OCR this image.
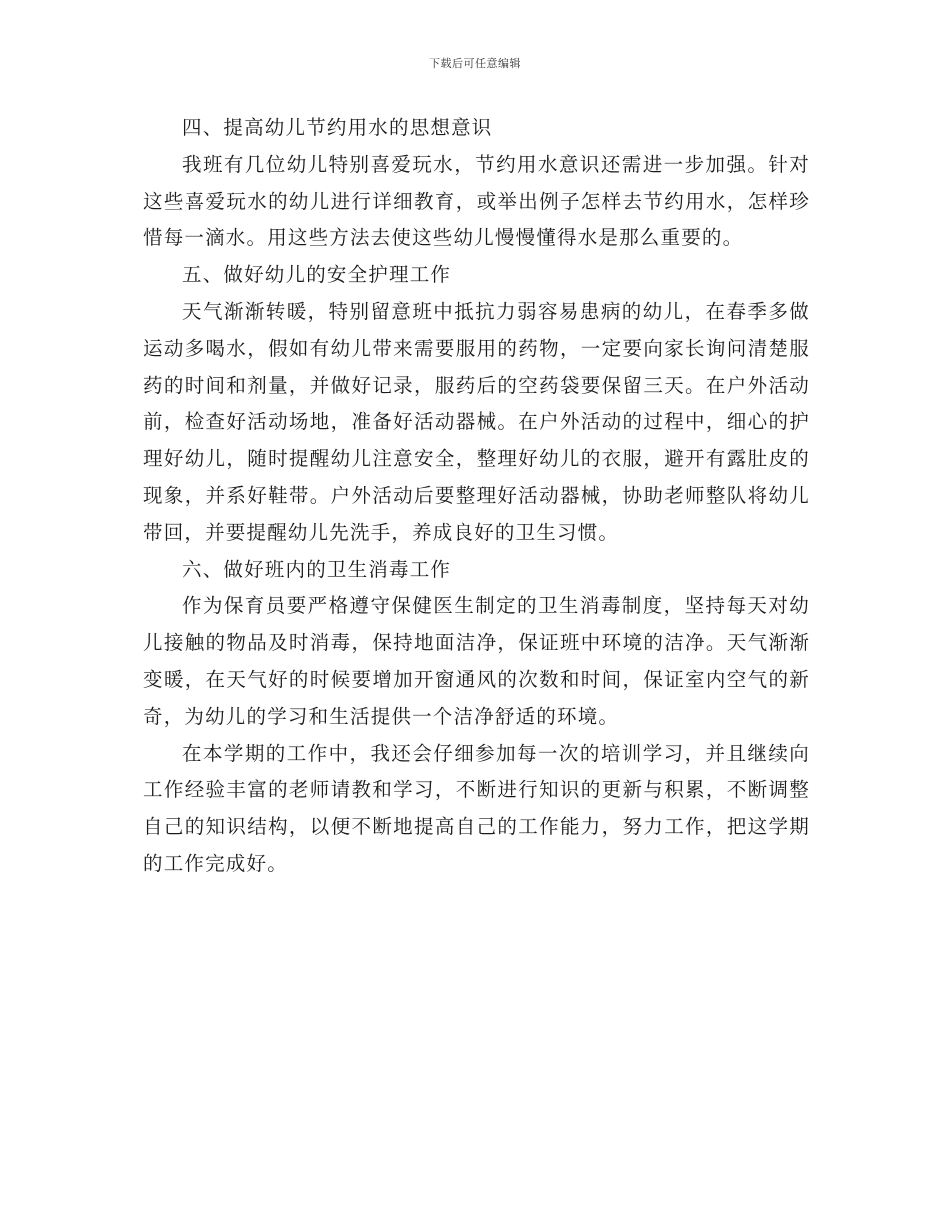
下载后可任意编辑

四、提高幼儿节约用水的思想意识

我班有几位幼儿特别喜爱玩水，节约用水意识还需进一步加强。针对这些喜爱玩水的幼儿进行详细教育，或举出例子怎样去节约用水，怎样珍惜每一滴水。用这些方法去使这些幼儿慢慢懂得水是那么重要的。

五、做好幼儿的安全护理工作

天气渐渐转暖，特别留意班中抵抗力弱容易患病的幼儿，在春季多做运动多喝水，假如有幼儿带来需要服用的药物，一定要向家长询问清楚服药的时间和剂量，并做好记录，服药后的空药袋要保留三天。在户外活动前，检查好活动场地，准备好活动器械。在户外活动的过程中，细心的护理好幼儿，随时提醒幼儿注意安全，整理好幼儿的衣服，避开有露肚皮的现象，并系好鞋带。户外活动后要整理好活动器械，协助老师整队将幼儿带回，并要提醒幼儿先洗手，养成良好的卫生习惯。

六、做好班内的卫生消毒工作

作为保育员要严格遵守保健医生制定的卫生消毒制度，坚持每天对幼儿接触的物品及时消毒，保持地面洁净，保证班中环境的洁净。天气渐渐变暖，在天气好的时候要增加开窗通风的次数和时间，保证室内空气的新奇，为幼儿的学习和生活提供一个洁净舒适的环境。

在本学期的工作中，我还会仔细参加每一次的培训学习，并且继续向工作经验丰富的老师请教和学习，不断进行知识的更新与积累，不断调整自己的知识结构，以便不断地提高自己的工作能力，努力工作，把这学期的工作完成好。
